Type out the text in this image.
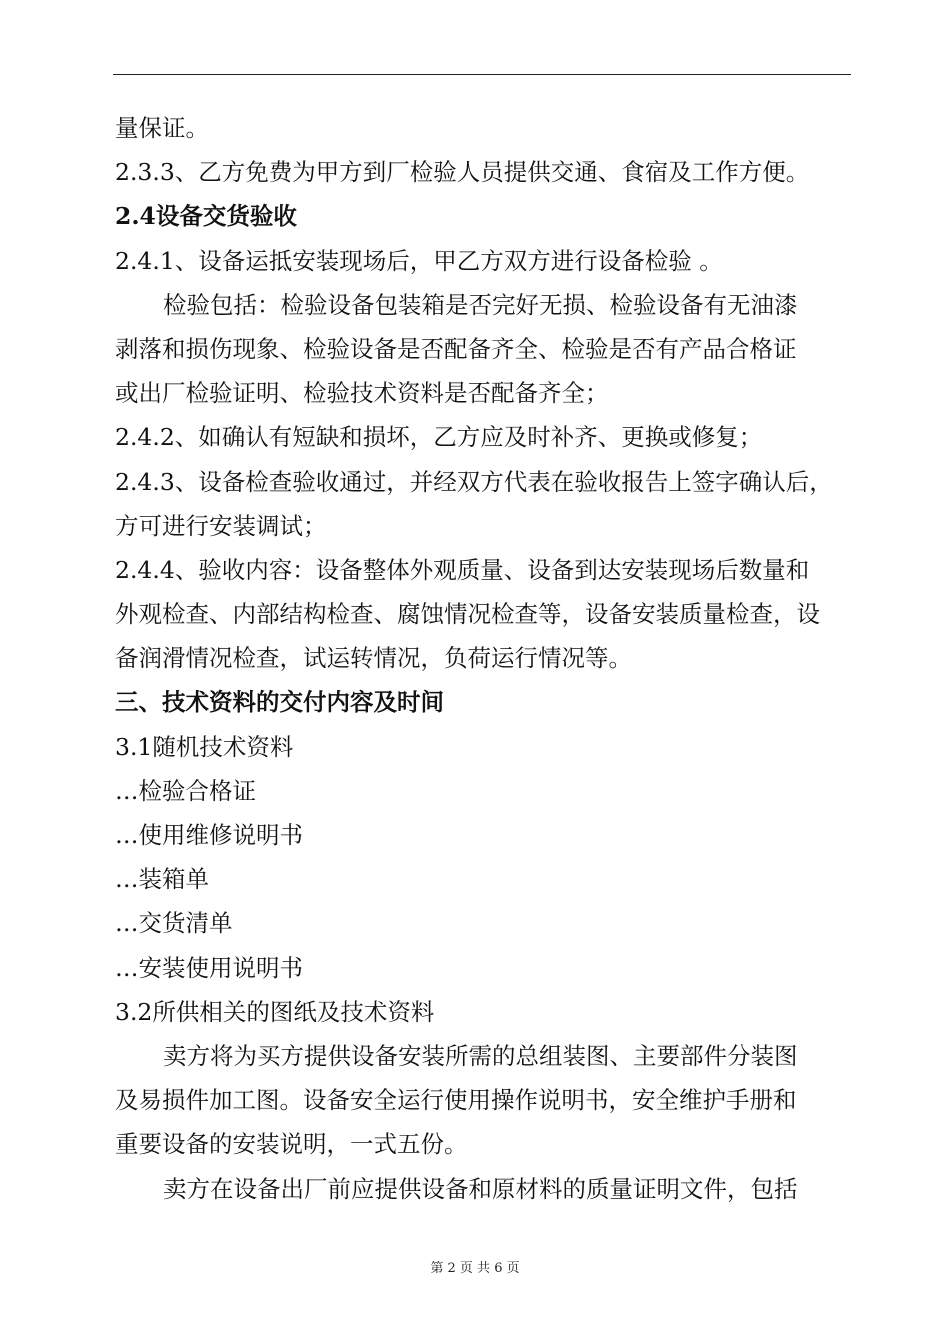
量保证。
2.3.3、乙方免费为甲方到厂检验人员提供交通、食宿及工作方便。
2.4设备交货验收
2.4.1、设备运抵安装现场后，甲乙方双方进行设备检验 。
检验包括：检验设备包装箱是否完好无损、检验设备有无油漆
剥落和损伤现象、检验设备是否配备齐全、检验是否有产品合格证
或出厂检验证明、检验技术资料是否配备齐全；
2.4.2、如确认有短缺和损坏，乙方应及时补齐、更换或修复；
2.4.3、设备检查验收通过，并经双方代表在验收报告上签字确认后，
方可进行安装调试；
2.4.4、验收内容：设备整体外观质量、设备到达安装现场后数量和
外观检查、内部结构检查、腐蚀情况检查等，设备安装质量检查，设
备润滑情况检查，试运转情况，负荷运行情况等。
三、技术资料的交付内容及时间
3.1随机技术资料
…检验合格证
…使用维修说明书
…装箱单
…交货清单
…安装使用说明书
3.2所供相关的图纸及技术资料
卖方将为买方提供设备安装所需的总组装图、主要部件分装图
及易损件加工图。设备安全运行使用操作说明书，安全维护手册和
重要设备的安装说明，一式五份。
卖方在设备出厂前应提供设备和原材料的质量证明文件，包括
第 2 页 共 6 页
